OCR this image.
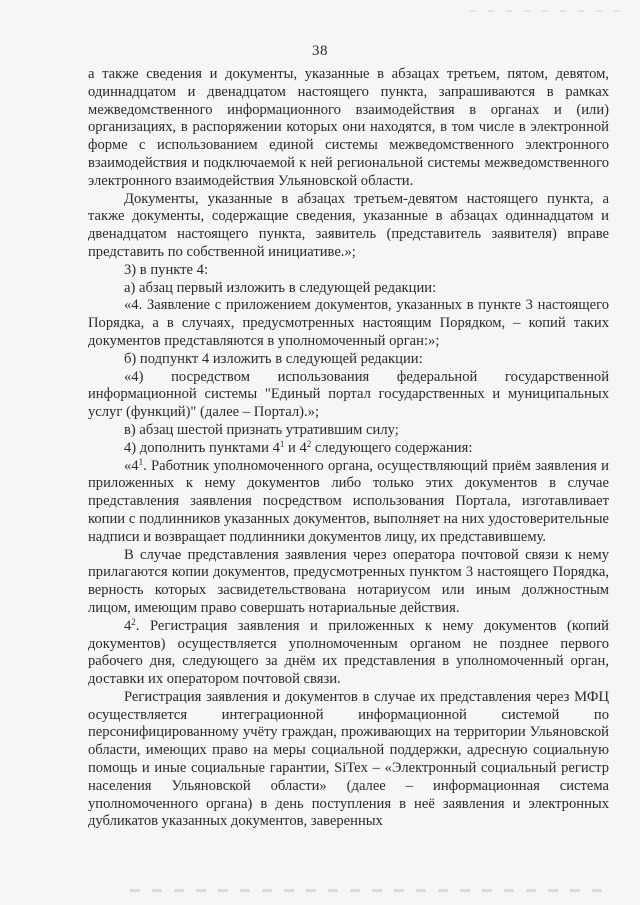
38

а также сведения и документы, указанные в абзацах третьем, пятом, девятом, одиннадцатом и двенадцатом настоящего пункта, запрашиваются в рамках межведомственного информационного взаимодействия в органах и (или) организациях, в распоряжении которых они находятся, в том числе в электронной форме с использованием единой системы межведомственного электронного взаимодействия и подключаемой к ней региональной системы межведомственного электронного взаимодействия Ульяновской области.

Документы, указанные в абзацах третьем-девятом настоящего пункта, а также документы, содержащие сведения, указанные в абзацах одиннадцатом и двенадцатом настоящего пункта, заявитель (представитель заявителя) вправе представить по собственной инициативе.»;

3) в пункте 4:

а) абзац первый изложить в следующей редакции:

«4. Заявление с приложением документов, указанных в пункте 3 настоящего Порядка, а в случаях, предусмотренных настоящим Порядком, – копий таких документов представляются в уполномоченный орган:»;

б) подпункт 4 изложить в следующей редакции:

«4) посредством использования федеральной государственной информационной системы "Единый портал государственных и муниципальных услуг (функций)" (далее – Портал).»;

в) абзац шестой признать утратившим силу;

4) дополнить пунктами $4^1$ и $4^2$ следующего содержания:

«$4^1$. Работник уполномоченного органа, осуществляющий приём заявления и приложенных к нему документов либо только этих документов в случае представления заявления посредством использования Портала, изготавливает копии с подлинников указанных документов, выполняет на них удостоверительные надписи и возвращает подлинники документов лицу, их представившему.

В случае представления заявления через оператора почтовой связи к нему прилагаются копии документов, предусмотренных пунктом 3 настоящего Порядка, верность которых засвидетельствована нотариусом или иным должностным лицом, имеющим право совершать нотариальные действия.

$4^2$. Регистрация заявления и приложенных к нему документов (копий документов) осуществляется уполномоченным органом не позднее первого рабочего дня, следующего за днём их представления в уполномоченный орган, доставки их оператором почтовой связи.

Регистрация заявления и документов в случае их представления через МФЦ осуществляется интеграционной информационной системой по персонифицированному учёту граждан, проживающих на территории Ульяновской области, имеющих право на меры социальной поддержки, адресную социальную помощь и иные социальные гарантии, SiTex – «Электронный социальный регистр населения Ульяновской области» (далее – информационная система уполномоченного органа) в день поступления в неё заявления и электронных дубликатов указанных документов, заверенных
